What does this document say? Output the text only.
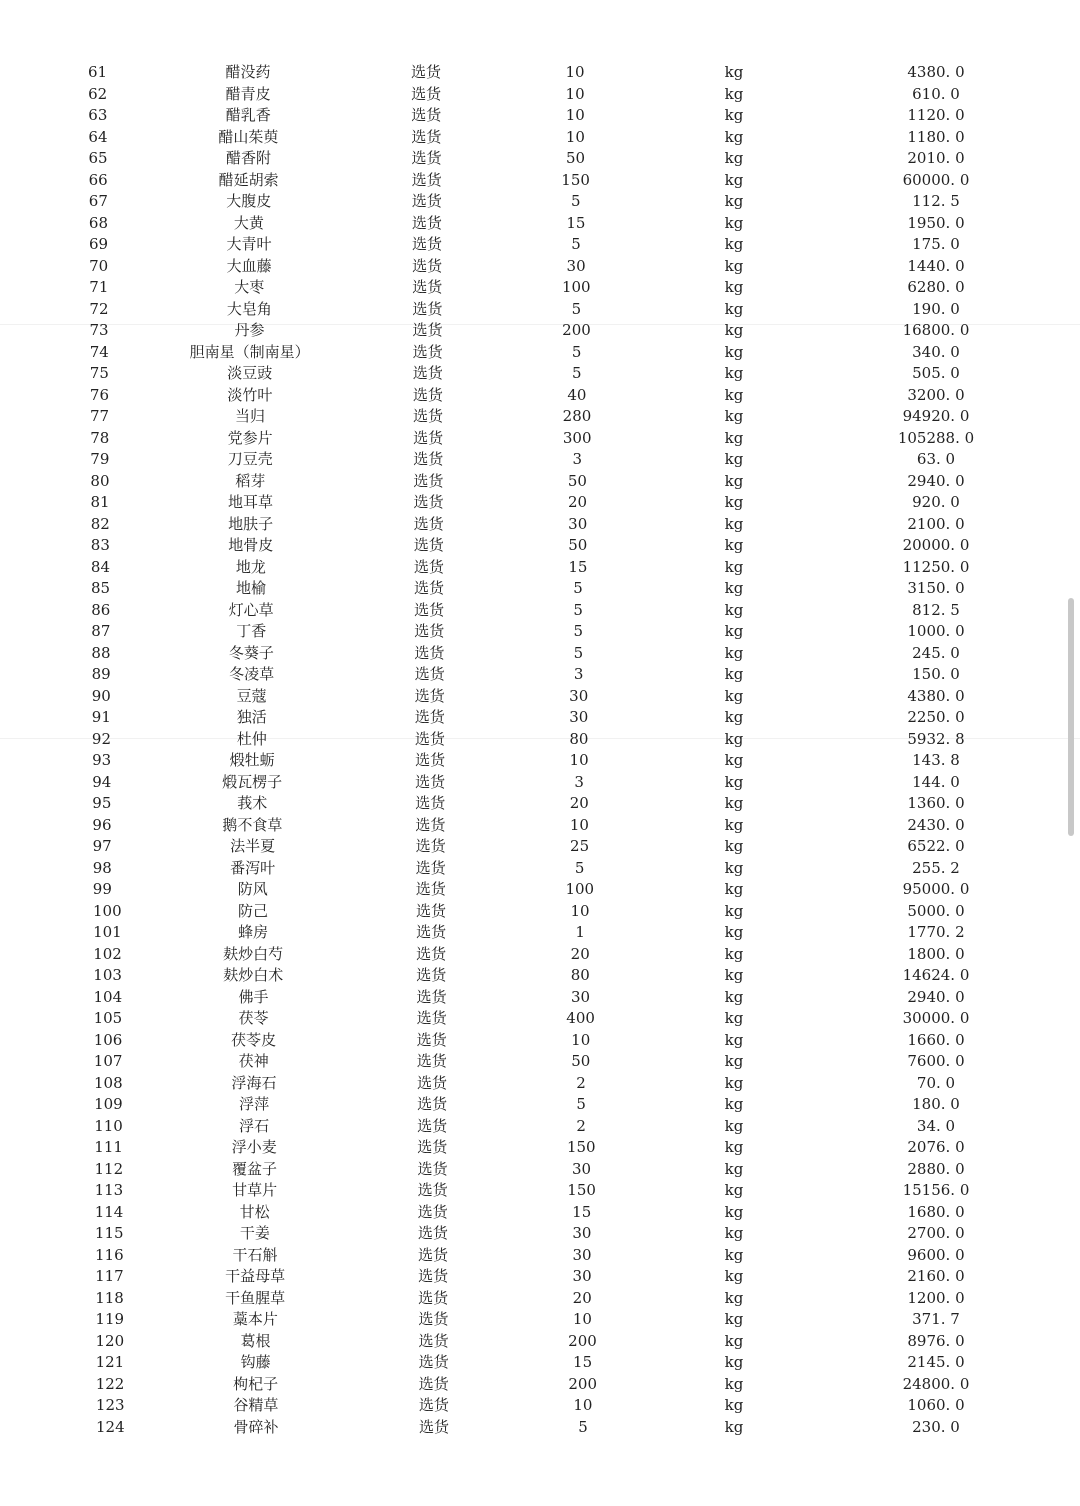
61	醋没药	选货	10	kg	4380. 0
62	醋青皮	选货	10	kg	610. 0
63	醋乳香	选货	10	kg	1120. 0
64	醋山茱萸	选货	10	kg	1180. 0
65	醋香附	选货	50	kg	2010. 0
66	醋延胡索	选货	150	kg	60000. 0
67	大腹皮	选货	5	kg	112. 5
68	大黄	选货	15	kg	1950. 0
69	大青叶	选货	5	kg	175. 0
70	大血藤	选货	30	kg	1440. 0
71	大枣	选货	100	kg	6280. 0
72	大皂角	选货	5	kg	190. 0
73	丹参	选货	200	kg	16800. 0
74	胆南星（制南星）	选货	5	kg	340. 0
75	淡豆豉	选货	5	kg	505. 0
76	淡竹叶	选货	40	kg	3200. 0
77	当归	选货	280	kg	94920. 0
78	党参片	选货	300	kg	105288. 0
79	刀豆壳	选货	3	kg	63. 0
80	稻芽	选货	50	kg	2940. 0
81	地耳草	选货	20	kg	920. 0
82	地肤子	选货	30	kg	2100. 0
83	地骨皮	选货	50	kg	20000. 0
84	地龙	选货	15	kg	11250. 0
85	地榆	选货	5	kg	3150. 0
86	灯心草	选货	5	kg	812. 5
87	丁香	选货	5	kg	1000. 0
88	冬葵子	选货	5	kg	245. 0
89	冬凌草	选货	3	kg	150. 0
90	豆蔻	选货	30	kg	4380. 0
91	独活	选货	30	kg	2250. 0
92	杜仲	选货	80	kg	5932. 8
93	煅牡蛎	选货	10	kg	143. 8
94	煅瓦楞子	选货	3	kg	144. 0
95	莪术	选货	20	kg	1360. 0
96	鹅不食草	选货	10	kg	2430. 0
97	法半夏	选货	25	kg	6522. 0
98	番泻叶	选货	5	kg	255. 2
99	防风	选货	100	kg	95000. 0
100	防己	选货	10	kg	5000. 0
101	蜂房	选货	1	kg	1770. 2
102	麸炒白芍	选货	20	kg	1800. 0
103	麸炒白术	选货	80	kg	14624. 0
104	佛手	选货	30	kg	2940. 0
105	茯苓	选货	400	kg	30000. 0
106	茯苓皮	选货	10	kg	1660. 0
107	茯神	选货	50	kg	7600. 0
108	浮海石	选货	2	kg	70. 0
109	浮萍	选货	5	kg	180. 0
110	浮石	选货	2	kg	34. 0
111	浮小麦	选货	150	kg	2076. 0
112	覆盆子	选货	30	kg	2880. 0
113	甘草片	选货	150	kg	15156. 0
114	甘松	选货	15	kg	1680. 0
115	干姜	选货	30	kg	2700. 0
116	干石斛	选货	30	kg	9600. 0
117	干益母草	选货	30	kg	2160. 0
118	干鱼腥草	选货	20	kg	1200. 0
119	藁本片	选货	10	kg	371. 7
120	葛根	选货	200	kg	8976. 0
121	钩藤	选货	15	kg	2145. 0
122	枸杞子	选货	200	kg	24800. 0
123	谷精草	选货	10	kg	1060. 0
124	骨碎补	选货	5	kg	230. 0
